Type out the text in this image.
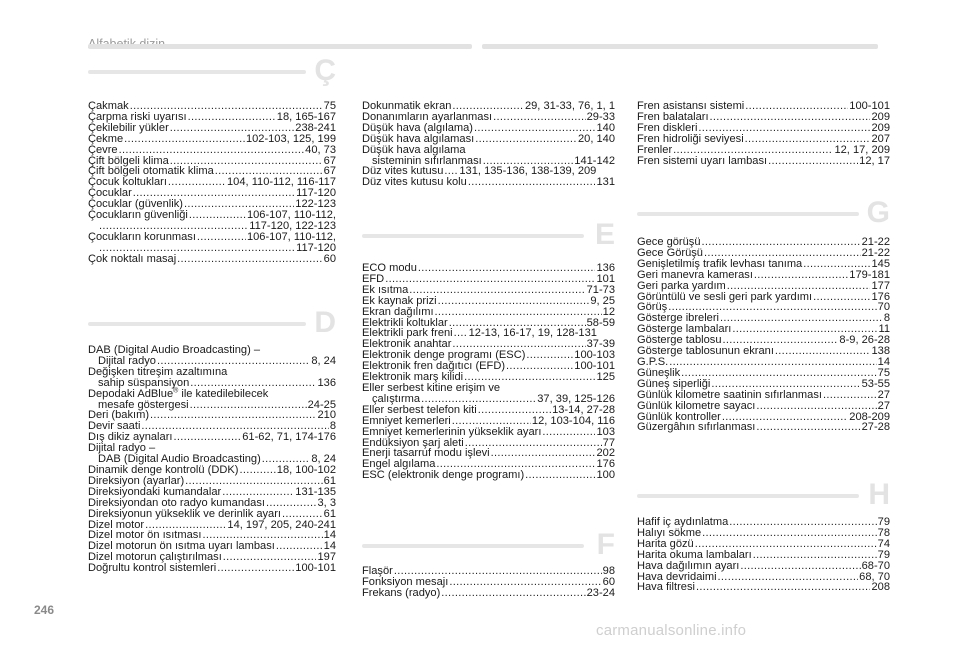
Ç
Çakmak .....	75
Çarpma riski uyarısı .....	18, 165-167
Çekilebilir yükler .....	238-241
Çekme .....	102-103, 125, 199
Çevre .....	40, 73
Çift bölgeli klima .....	67
Çift bölgeli otomatik klima .....	67
Çocuk koltukları .....	104, 110-112, 116-117
Çocuklar .....	117-120
Çocuklar (güvenlik) .....	122-123
Çocukların güvenliği .....	106-107, 110-112,
.....
117-120, 122-123
Çocukların korunması .....	106-107, 110-112,
.....
117-120
Çok noktalı masaj .....	60
D
DAB (Digital Audio Broadcasting) –
Dijital radyo .....	8, 24
Değişken titreşim azaltımına
sahip süspansiyon .....	136
Depodaki AdBlue® ile katedilebilecek
mesafe göstergesi .....	24-25
Deri (bakım) .....	210
Devir saati .....	8
Dış dikiz aynaları .....	61-62, 71, 174-176
Dijital radyo –
DAB (Digital Audio Broadcasting) .....	8, 24
Dinamik denge kontrolü (DDK) .....	18, 100-102
Direksiyon (ayarlar) .....	61
Direksiyondaki kumandalar .....	131-135
Direksiyondan oto radyo kumandası .....	3, 3
Direksiyonun yükseklik ve derinlik ayarı .....	61
Dizel motor .....	14, 197, 205, 240-241
Dizel motor ön ısıtması .....	14
Dizel motorun ön ısıtma uyarı lambası .....	14
Dizel motorun çalıştırılması .....	197
Doğrultu kontrol sistemleri .....	100-101
Dokunmatik ekran .....	29, 31-33, 76, 1, 1
Donanımların ayarlanması .....	29-33
Düşük hava (algılama) .....	140
Düşük hava algılaması .....	20, 140
Düşük hava algılama
sisteminin sıfırlanması .....	141-142
Düz vites kutusu ..... 131, 135-136, 138-139, 209
Düz vites kutusu kolu .....	131
E
ECO modu .....	136
EFD .....	101
Ek ısıtma .....	71-73
Ek kaynak prizi .....	9, 25
Ekran dağılımı .....	12
Elektrikli koltuklar .....	58-59
Elektrikli park freni ..... 12-13, 16-17, 19, 128-131
Elektronik anahtar .....	37-39
Elektronik denge programı (ESC) .....	100-103
Elektronik fren dağıtıcı (EFD) .....	100-101
Elektronik marş kilidi .....	125
Eller serbest kitine erişim ve
çalıştırma .....	37, 39, 125-126
Eller serbest telefon kiti .....	13-14, 27-28
Emniyet kemerleri .....	12, 103-104, 116
Emniyet kemerlerinin yükseklik ayarı .....	103
Endüksiyon şarj aleti .....	77
Enerji tasarruf modu işlevi .....	202
Engel algılama .....	176
ESC (elektronik denge programı) .....	100
F
Flaşör .....	98
Fonksiyon mesajı .....	60
Frekans (radyo) .....	23-24
Fren asistansı sistemi .....	100-101
Fren balataları .....	209
Fren diskleri .....	209
Fren hidroliği seviyesi .....	207
Frenler .....	12, 17, 209
Fren sistemi uyarı lambası .....	12, 17
G
Gece görüşü .....	21-22
Gece Görüşü .....	21-22
Genişletilmiş trafik levhası tanıma .....	145
Geri manevra kamerası .....	179-181
Geri parka yardım .....	177
Görüntülü ve sesli geri park yardımı .....	176
Görüş .....	70
Gösterge ibreleri .....	8
Gösterge lambaları .....	11
Gösterge tablosu .....	8-9, 26-28
Gösterge tablosunun ekranı .....	138
G.P.S. .....	14
Güneşlik .....	75
Güneş siperliği .....	53-55
Günlük kilometre saatinin sıfırlanması .....	27
Günlük kilometre sayacı .....	27
Günlük kontroller .....	208-209
Güzergâhın sıfırlanması .....	27-28
H
Hafif iç aydınlatma .....	79
Halıyı sökme .....	78
Harita gözü .....	74
Harita okuma lambaları .....	79
Hava dağılımın ayarı .....	68-70
Hava devridaimi .....	68, 70
Hava filtresi .....	208
246
carmanualsonline.info
